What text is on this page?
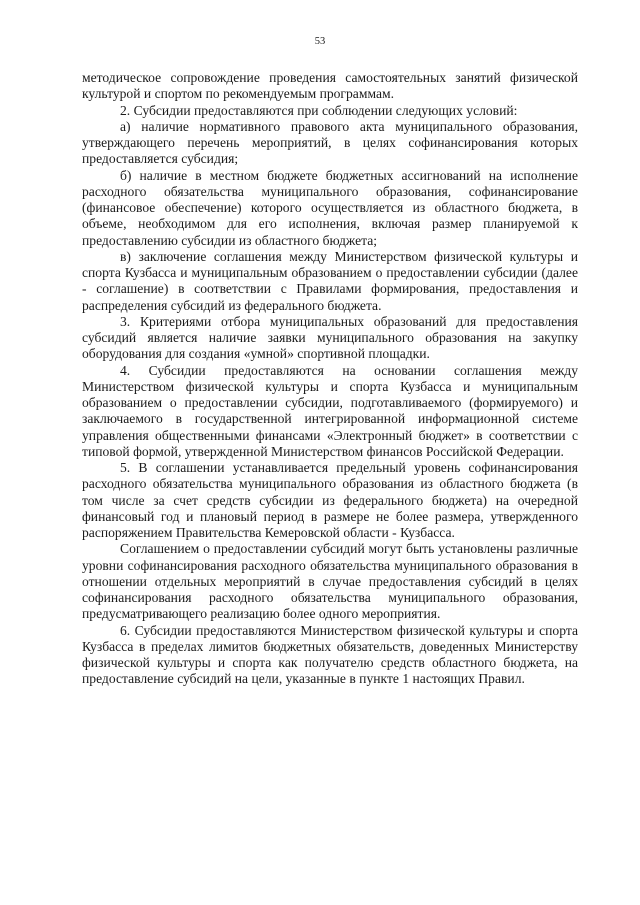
53

методическое сопровождение проведения самостоятельных занятий физической культурой и спортом по рекомендуемым программам.

2. Субсидии предоставляются при соблюдении следующих условий:

а) наличие нормативного правового акта муниципального образования, утверждающего перечень мероприятий, в целях софинансирования которых предоставляется субсидия;

б) наличие в местном бюджете бюджетных ассигнований на исполнение расходного обязательства муниципального образования, софинансирование (финансовое обеспечение) которого осуществляется из областного бюджета, в объеме, необходимом для его исполнения, включая размер планируемой к предоставлению субсидии из областного бюджета;

в) заключение соглашения между Министерством физической культуры и спорта Кузбасса и муниципальным образованием о предоставлении субсидии (далее - соглашение) в соответствии с Правилами формирования, предоставления и распределения субсидий из федерального бюджета.

3. Критериями отбора муниципальных образований для предоставления субсидий является наличие заявки муниципального образования на закупку оборудования для создания «умной» спортивной площадки.

4. Субсидии предоставляются на основании соглашения между Министерством физической культуры и спорта Кузбасса и муниципальным образованием о предоставлении субсидии, подготавливаемого (формируемого) и заключаемого в государственной интегрированной информационной системе управления общественными финансами «Электронный бюджет» в соответствии с типовой формой, утвержденной Министерством финансов Российской Федерации.

5. В соглашении устанавливается предельный уровень софинансирования расходного обязательства муниципального образования из областного бюджета (в том числе за счет средств субсидии из федерального бюджета) на очередной финансовый год и плановый период в размере не более размера, утвержденного распоряжением Правительства Кемеровской области - Кузбасса.

Соглашением о предоставлении субсидий могут быть установлены различные уровни софинансирования расходного обязательства муниципального образования в отношении отдельных мероприятий в случае предоставления субсидий в целях софинансирования расходного обязательства муниципального образования, предусматривающего реализацию более одного мероприятия.

6. Субсидии предоставляются Министерством физической культуры и спорта Кузбасса в пределах лимитов бюджетных обязательств, доведенных Министерству физической культуры и спорта как получателю средств областного бюджета, на предоставление субсидий на цели, указанные в пункте 1 настоящих Правил.
